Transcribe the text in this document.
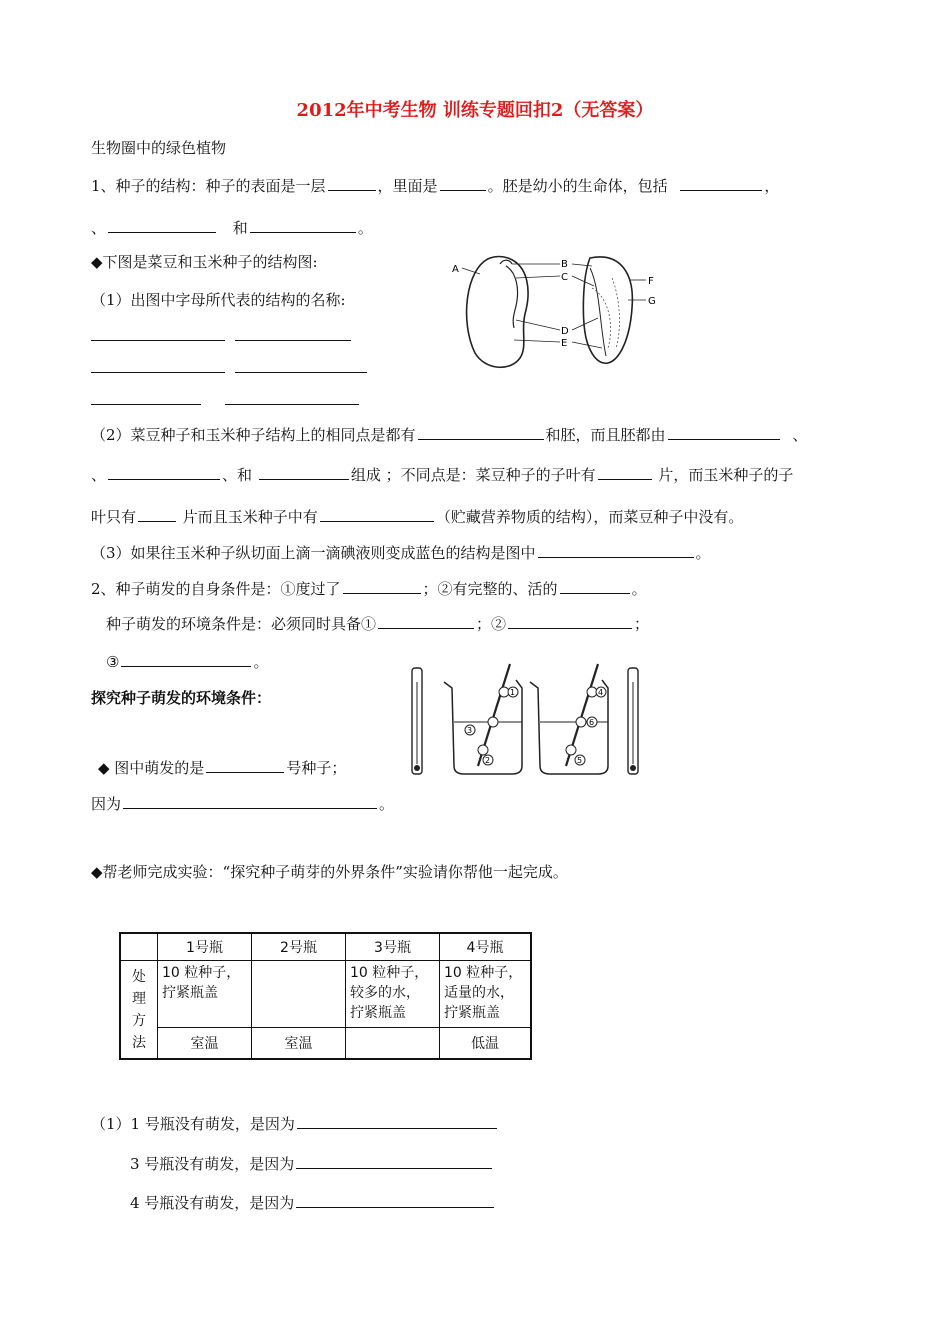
2012年中考生物 训练专题回扣2（无答案）
生物圈中的绿色植物
1、种子的结构：种子的表面是一层	，里面是	。胚是幼小的生命体，包括	，
、	和	。
◆下图是菜豆和玉米种子的结构图:
（1）出图中字母所代表的结构的名称:
A	B
C
D
E
F
G
（2）菜豆种子和玉米种子结构上的相同点是都有	和胚，而且胚都由	、
、	、和	组成 ；不同点是：菜豆种子的子叶有	片，而玉米种子的子
叶只有	片而且玉米种子中有	（贮藏营养物质的结构），而菜豆种子中没有。
（3）如果往玉米种子纵切面上滴一滴碘液则变成蓝色的结构是图中	。
2、种子萌发的自身条件是：①度过了	；②有完整的、活的	。
种子萌发的环境条件是：必须同时具备①	；②	；
③	。
探究种子萌发的环境条件：
◆ 图中萌发的是	号种子；
因为	。
1
3
2
4
6
5
◆帮老师完成实验：“探究种子萌芽的外界条件”实验请你帮他一起完成。
	1号瓶	2号瓶	3号瓶	4号瓶

处理方法	10 粒种子，
拧紧瓶盖		10 粒种子，
较多的水，
拧紧瓶盖	10 粒种子，
适量的水，
拧紧瓶盖

	室温	室温		低温
（1）1 号瓶没有萌发，是因为
3 号瓶没有萌发，是因为
4 号瓶没有萌发，是因为
